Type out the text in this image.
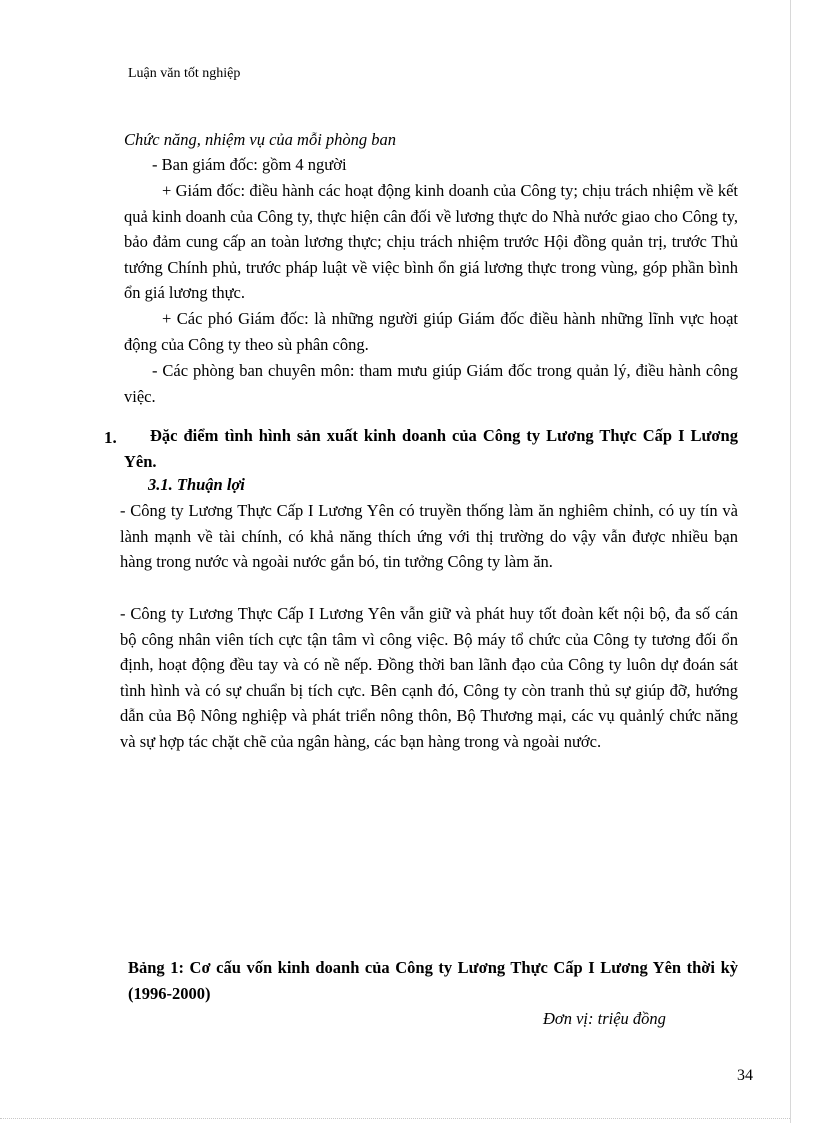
Luận văn tốt nghiệp

Chức năng, nhiệm vụ của mỗi phòng ban

- Ban giám đốc: gồm 4 người

+ Giám đốc: điều hành các hoạt động kinh doanh của Công ty; chịu trách nhiệm về kết quả kinh doanh của Công ty, thực hiện cân đối về lương thực do Nhà nước giao cho Công ty, bảo đảm cung cấp an toàn lương thực; chịu trách nhiệm trước Hội đồng quản trị, trước Thủ tướng Chính phủ, trước pháp luật về việc bình ổn giá lương thực trong vùng, góp phần bình ổn giá lương thực.

+ Các phó Giám đốc: là những người giúp Giám đốc điều hành những lĩnh vực hoạt động của Công ty theo sù phân công.

- Các phòng ban chuyên môn: tham mưu giúp Giám đốc trong quản lý, điều hành công việc.

1.	Đặc điểm tình hình sản xuất kinh doanh của Công ty Lương Thực Cấp I Lương Yên.

3.1. Thuận lợi

- Công ty Lương Thực Cấp I Lương Yên có truyền thống làm ăn nghiêm chỉnh, có uy tín và lành mạnh về tài chính, có khả năng thích ứng với thị trường do vậy vẫn được nhiều bạn hàng trong nước và ngoài nước gắn bó, tin tưởng Công ty làm ăn.

- Công ty Lương Thực Cấp I Lương Yên vẫn giữ và phát huy tốt đoàn kết nội bộ, đa số cán bộ công nhân viên tích cực tận tâm vì công việc. Bộ máy tổ chức của Công ty tương đối ổn định, hoạt động đều tay và có nề nếp. Đồng thời ban lãnh đạo của Công ty luôn dự đoán sát tình hình và có sự chuẩn bị tích cực. Bên cạnh đó, Công ty còn tranh thủ sự giúp đỡ, hướng dẫn của Bộ Nông nghiệp và phát triển nông thôn, Bộ Thương mại, các vụ quảnlý chức năng và sự hợp tác chặt chẽ của ngân hàng, các bạn hàng trong và ngoài nước.

Bảng 1: Cơ cấu vốn kinh doanh của Công ty Lương Thực Cấp I Lương Yên thời kỳ (1996-2000)

Đơn vị: triệu đồng

34
